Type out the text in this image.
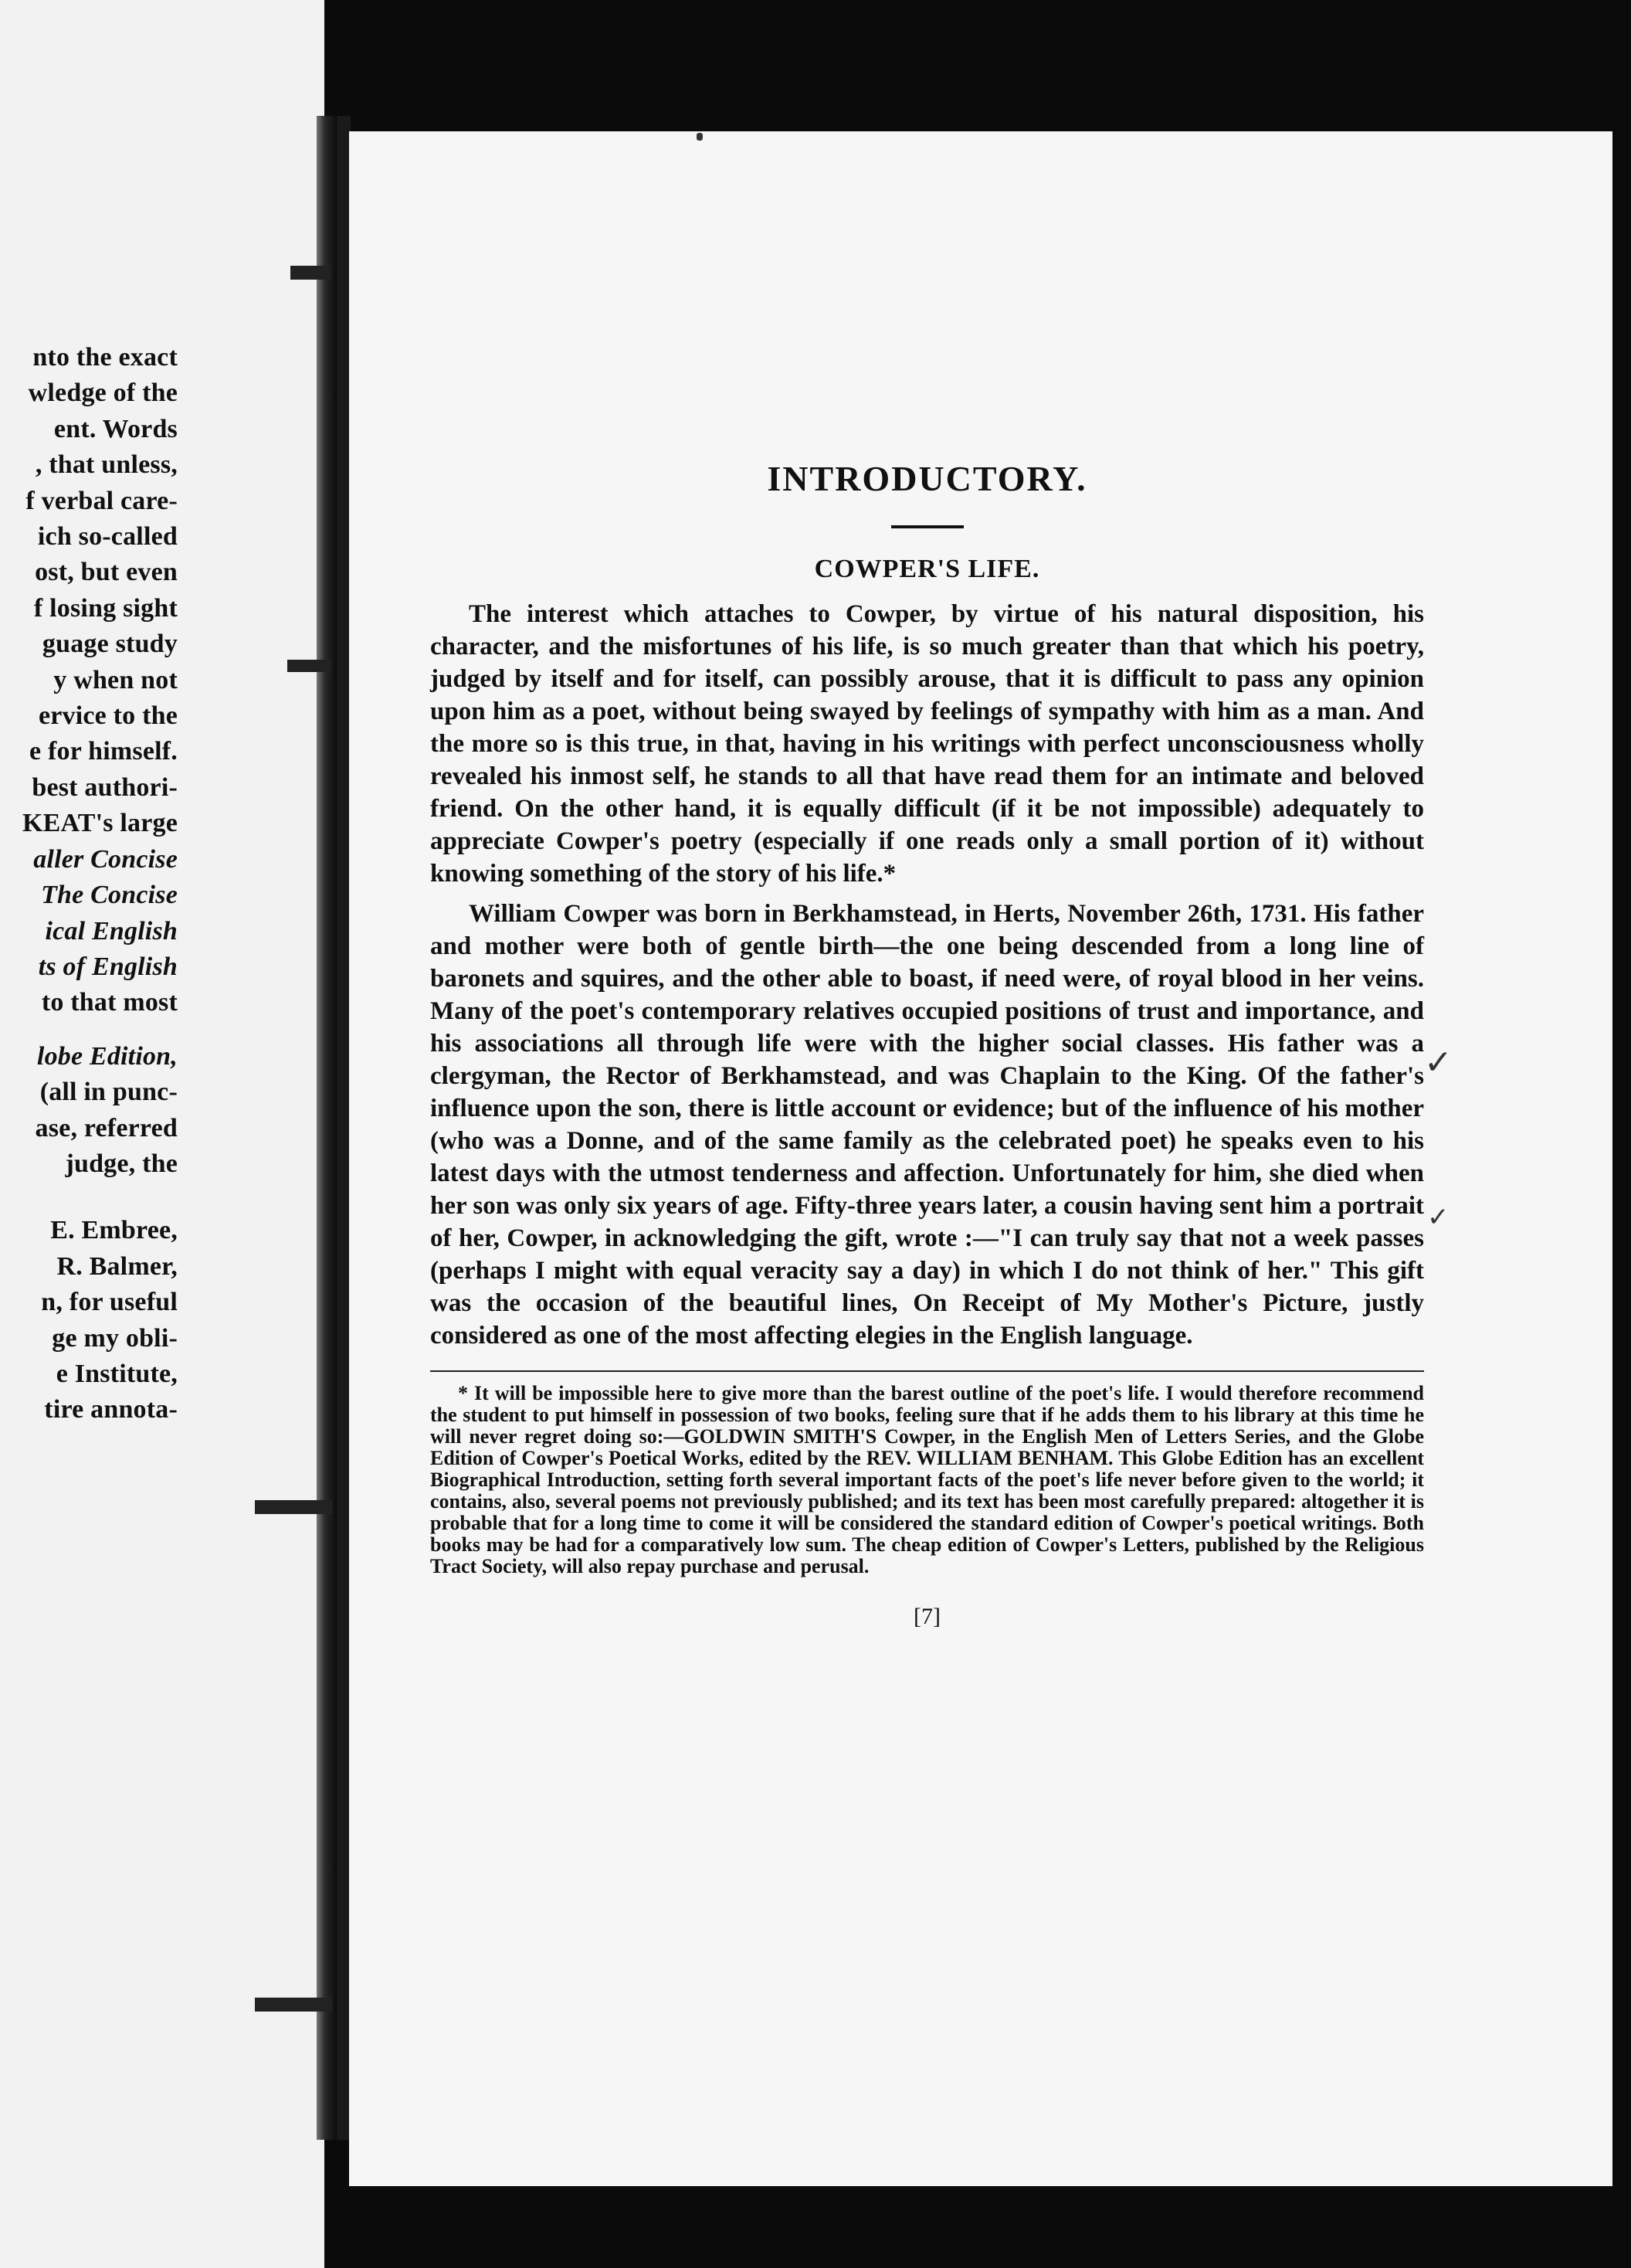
nto the exact
wledge of the
ent. Words
, that unless,
f verbal care-
ich so-called
ost, but even
f losing sight
guage study
y when not
ervice to the
e for himself.
best authori-
KEAT's large
aller Concise
The Concise
ical English
ts of English
to that most
lobe Edition,
(all in punc-
ase, referred
judge, the
E. Embree,
R. Balmer,
n, for useful
ge my obli-
e Institute,
tire annota-
INTRODUCTORY.
COWPER'S LIFE.

The interest which attaches to Cowper, by virtue of his natural disposition, his character, and the misfortunes of his life, is so much greater than that which his poetry, judged by itself and for itself, can possibly arouse, that it is difficult to pass any opinion upon him as a poet, without being swayed by feelings of sympathy with him as a man. And the more so is this true, in that, having in his writings with perfect unconsciousness wholly revealed his inmost self, he stands to all that have read them for an intimate and beloved friend. On the other hand, it is equally difficult (if it be not impossible) adequately to appreciate Cowper's poetry (especially if one reads only a small portion of it) without knowing something of the story of his life.*

William Cowper was born in Berkhamstead, in Herts, November 26th, 1731. His father and mother were both of gentle birth—the one being descended from a long line of baronets and squires, and the other able to boast, if need were, of royal blood in her veins. Many of the poet's contemporary relatives occupied positions of trust and importance, and his associations all through life were with the higher social classes. His father was a clergyman, the Rector of Berkhamstead, and was Chaplain to the King. Of the father's influence upon the son, there is little account or evidence; but of the influence of his mother (who was a Donne, and of the same family as the celebrated poet) he speaks even to his latest days with the utmost tenderness and affection. Unfortunately for him, she died when her son was only six years of age. Fifty-three years later, a cousin having sent him a portrait of her, Cowper, in acknowledging the gift, wrote :—"I can truly say that not a week passes (perhaps I might with equal veracity say a day) in which I do not think of her." This gift was the occasion of the beautiful lines, On Receipt of My Mother's Picture, justly considered as one of the most affecting elegies in the English language.

* It will be impossible here to give more than the barest outline of the poet's life. I would therefore recommend the student to put himself in possession of two books, feeling sure that if he adds them to his library at this time he will never regret doing so:—GOLDWIN SMITH'S Cowper, in the English Men of Letters Series, and the Globe Edition of Cowper's Poetical Works, edited by the REV. WILLIAM BENHAM. This Globe Edition has an excellent Biographical Introduction, setting forth several important facts of the poet's life never before given to the world; it contains, also, several poems not previously published; and its text has been most carefully prepared: altogether it is probable that for a long time to come it will be considered the standard edition of Cowper's poetical writings. Both books may be had for a comparatively low sum. The cheap edition of Cowper's Letters, published by the Religious Tract Society, will also repay purchase and perusal.

[7]
✓
✓
